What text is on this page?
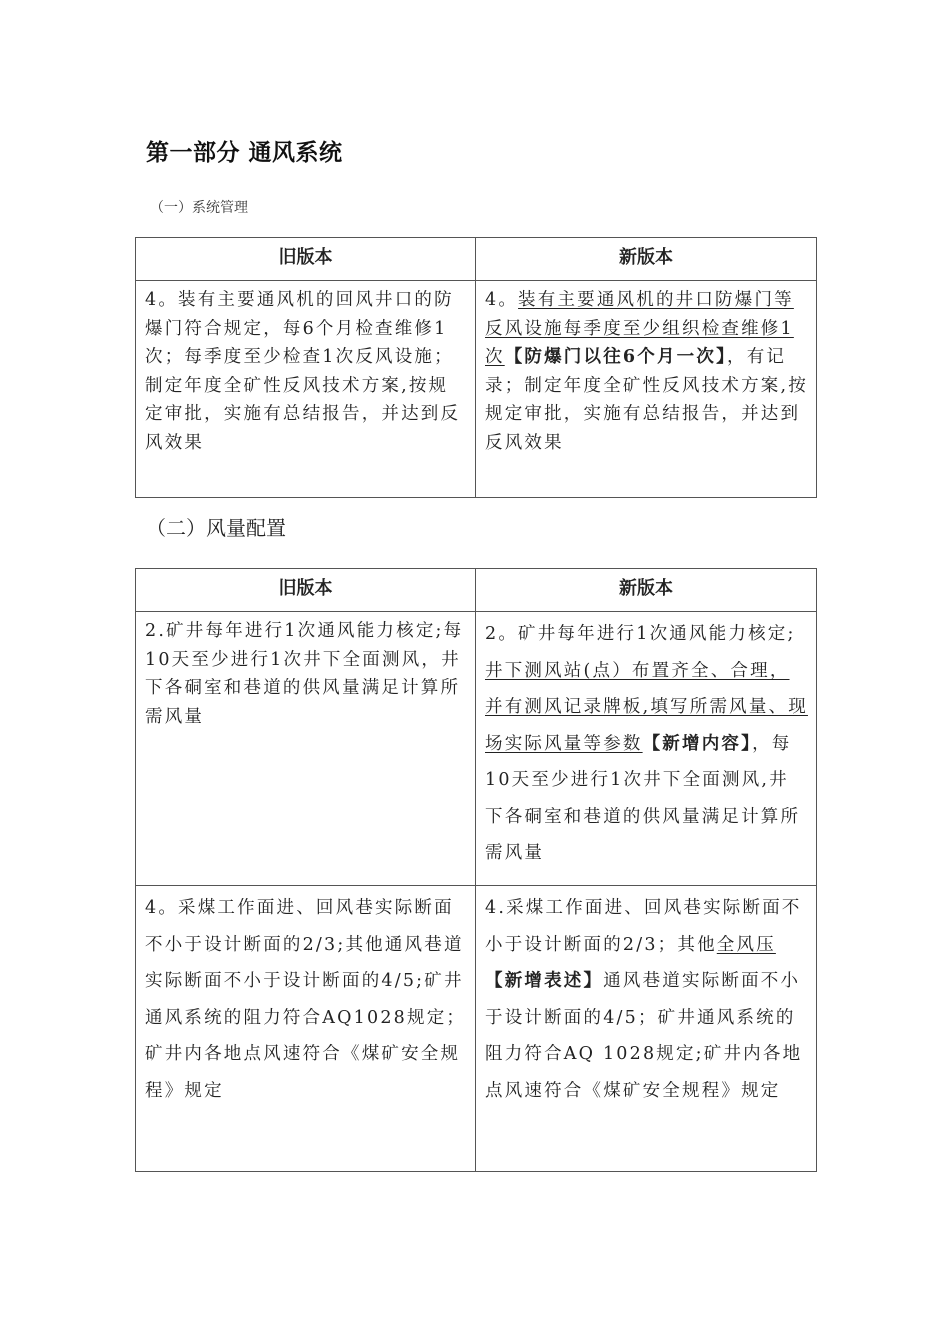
第一部分 通风系统
（一）系统管理
旧版本	新版本

4。装有主要通风机的回风井口的防爆门符合规定，每6个月检查维修1次；每季度至少检查1次反风设施；制定年度全矿性反风技术方案,按规定审批，实施有总结报告，并达到反风效果	4。装有主要通风机的井口防爆门等反风设施每季度至少组织检查维修1次【防爆门以往6个月一次】，有记录；制定年度全矿性反风技术方案,按规定审批，实施有总结报告，并达到反风效果
（二）风量配置
旧版本	新版本

2.矿井每年进行1次通风能力核定;每10天至少进行1次井下全面测风，井下各硐室和巷道的供风量满足计算所需风量	2。矿井每年进行1次通风能力核定;井下测风站(点）布置齐全、合理，并有测风记录牌板,填写所需风量、现场实际风量等参数【新增内容】，每10天至少进行1次井下全面测风,井下各硐室和巷道的供风量满足计算所需风量

4。采煤工作面进、回风巷实际断面不小于设计断面的2/3;其他通风巷道实际断面不小于设计断面的4/5;矿井通风系统的阻力符合AQ1028规定；矿井内各地点风速符合《煤矿安全规程》规定	4.采煤工作面进、回风巷实际断面不小于设计断面的2/3；其他全风压【新增表述】通风巷道实际断面不小于设计断面的4/5；矿井通风系统的阻力符合AQ 1028规定;矿井内各地点风速符合《煤矿安全规程》规定
